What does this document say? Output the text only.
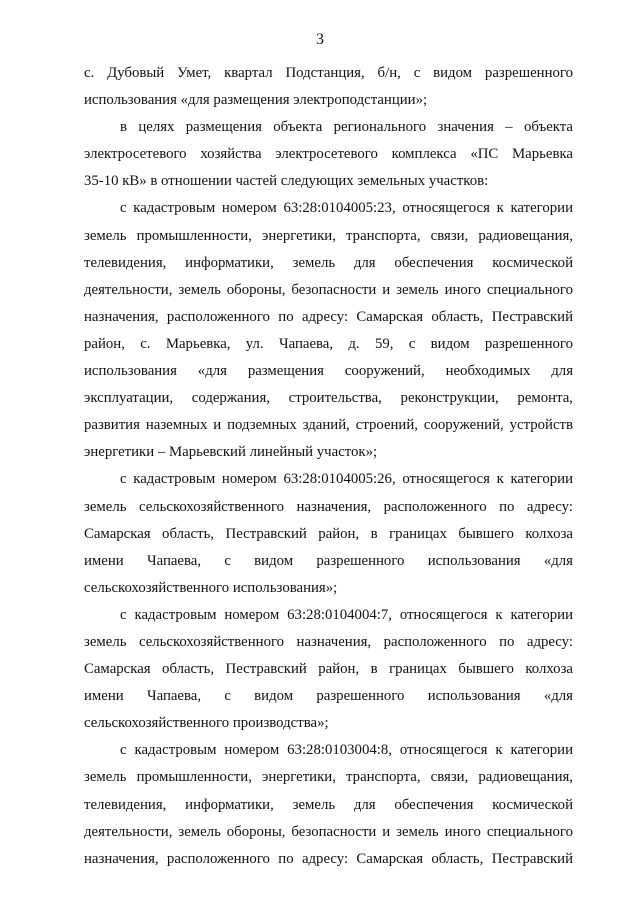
3
с. Дубовый Умет, квартал Подстанция, б/н, с видом разрешенного
использования «для размещения электроподстанции»;
в целях размещения объекта регионального значения – объекта
электросетевого хозяйства электросетевого комплекса «ПС Марьевка
35-10 кВ» в отношении частей следующих земельных участков:
с кадастровым номером 63:28:0104005:23, относящегося к категории
земель промышленности, энергетики, транспорта, связи, радиовещания,
телевидения, информатики, земель для обеспечения космической
деятельности, земель обороны, безопасности и земель иного специального
назначения, расположенного по адресу: Самарская область, Пестравский
район, с. Марьевка, ул. Чапаева, д. 59, с видом разрешенного
использования «для размещения сооружений, необходимых для
эксплуатации, содержания, строительства, реконструкции, ремонта,
развития наземных и подземных зданий, строений, сооружений, устройств
энергетики – Марьевский линейный участок»;
с кадастровым номером 63:28:0104005:26, относящегося к категории
земель сельскохозяйственного назначения, расположенного по адресу:
Самарская область, Пестравский район, в границах бывшего колхоза
имени Чапаева, с видом разрешенного использования «для
сельскохозяйственного использования»;
с кадастровым номером 63:28:0104004:7, относящегося к категории
земель сельскохозяйственного назначения, расположенного по адресу:
Самарская область, Пестравский район, в границах бывшего колхоза
имени Чапаева, с видом разрешенного использования «для
сельскохозяйственного производства»;
с кадастровым номером 63:28:0103004:8, относящегося к категории
земель промышленности, энергетики, транспорта, связи, радиовещания,
телевидения, информатики, земель для обеспечения космической
деятельности, земель обороны, безопасности и земель иного специального
назначения, расположенного по адресу: Самарская область, Пестравский
